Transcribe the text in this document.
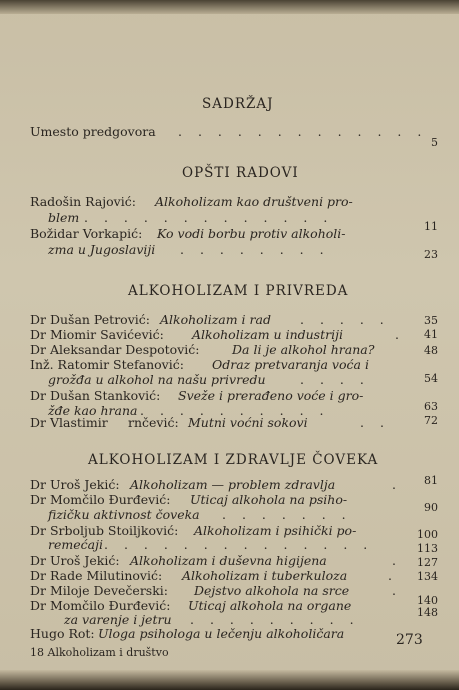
SADRŽAJ
Umesto predgovora . . . . . . . . . . . . .
5
OPŠTI RADOVI
Radošin Rajović: Alkoholizam kao društveni pro-
blem . . . . . . . . . . . . .
11
Božidar Vorkapić: Ko vodi borbu protiv alkoholi-
zma u Jugoslaviji . . . . . . . .	23
ALKOHOLIZAM I PRIVREDA
Dr Dušan Petrović: Alkoholizam i rad . . . . .	35
Dr Miomir Savićević: Alkoholizam u industriji	.	41
Dr Aleksandar Despotović:	Da li je alkohol hrana?	48
Inž. Ratomir Stefanović: Odraz pretvaranja voća i
grožđa u alkohol na našu privredu	. . . .	54
Dr Dušan Stanković: Sveže i prerađeno voće i gro-
žđe kao hrana . . . . . . . . . .	63
Dr Vlastimir rnčević: Mutni voćni sokovi	. .	72
ALKOHOLIZAM I ZDRAVLJE ČOVEKA
Dr Uroš Jekić: Alkoholizam — problem zdravlja	.	81
Dr Momčilo Đurđević: Uticaj alkohola na psiho-
fizičku aktivnost čoveka . . . . . . .	90
Dr Srboljub Stoiljković: Alkoholizam i psihički po-
remećaji . . . . . . . . . . . . . .
100
Dr Uroš Jekić: Alkoholizam i duševna higijena	.
113
Dr Rade Milutinović: Alkoholizam i tuberkuloza	.
127
Dr Miloje Devečerski: Dejstvo alkohola na srce	.
134
Dr Momčilo Đurđević: Uticaj alkohola na organe
za varenje i jetru . . . . . . . . .
140
Hugo Rot: Uloga psihologa u lečenju alkoholičara
148
273
18 Alkoholizam i društvo
